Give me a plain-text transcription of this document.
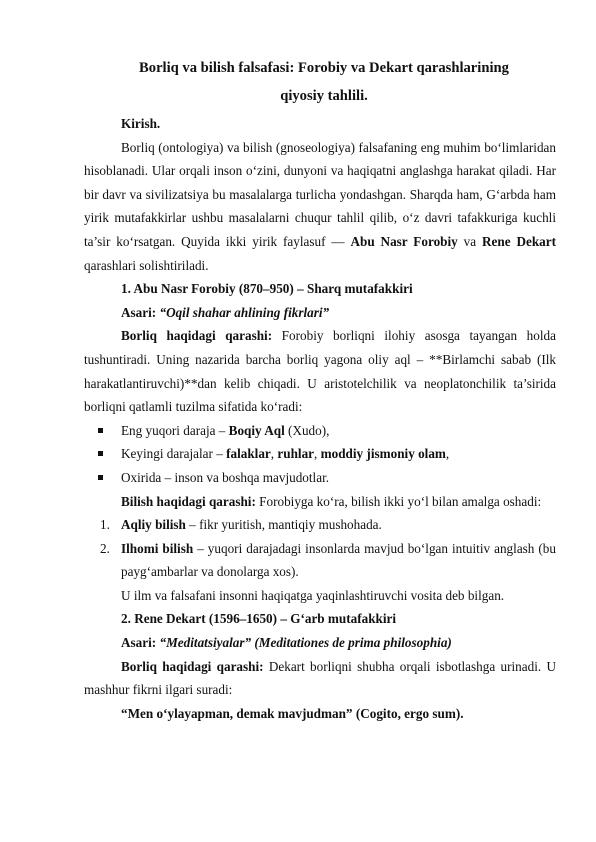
Borliq va bilish falsafasi: Forobiy va Dekart qarashlarining
qiyosiy tahlili.
Kirish.

Borliq (ontologiya) va bilish (gnoseologiya) falsafaning eng muhim bo‘limlaridan hisoblanadi. Ular orqali inson o‘zini, dunyoni va haqiqatni anglashga harakat qiladi. Har bir davr va sivilizatsiya bu masalalarga turlicha yondashgan. Sharqda ham, G‘arbda ham yirik mutafakkirlar ushbu masalalarni chuqur tahlil qilib, o‘z davri tafakkuriga kuchli ta’sir ko‘rsatgan. Quyida ikki yirik faylasuf — Abu Nasr Forobiy va Rene Dekart qarashlari solishtiriladi.

1. Abu Nasr Forobiy (870–950) – Sharq mutafakkiri
Asari: “Oqil shahar ahlining fikrlari”

Borliq haqidagi qarashi: Forobiy borliqni ilohiy asosga tayangan holda tushuntiradi. Uning nazarida barcha borliq yagona oliy aql – **Birlamchi sabab (Ilk harakatlantiruvchi)**dan kelib chiqadi. U aristotelchilik va neoplatonchilik ta’sirida borliqni qatlamli tuzilma sifatida ko‘radi:

Eng yuqori daraja – Boqiy Aql (Xudo),
Keyingi darajalar – falaklar, ruhlar, moddiy jismoniy olam,
Oxirida – inson va boshqa mavjudotlar.

Bilish haqidagi qarashi: Forobiyga ko‘ra, bilish ikki yo‘l bilan amalga oshadi:

1. Aqliy bilish – fikr yuritish, mantiqiy mushohada.
2. Ilhomi bilish – yuqori darajadagi insonlarda mavjud bo‘lgan intuitiv anglash (bu payg‘ambarlar va donolarga xos).
U ilm va falsafani insonni haqiqatga yaqinlashtiruvchi vosita deb bilgan.
2. Rene Dekart (1596–1650) – G‘arb mutafakkiri
Asari: “Meditatsiyalar” (Meditationes de prima philosophia)

Borliq haqidagi qarashi: Dekart borliqni shubha orqali isbotlashga urinadi. U mashhur fikrni ilgari suradi:

“Men o‘ylayapman, demak mavjudman” (Cogito, ergo sum).
